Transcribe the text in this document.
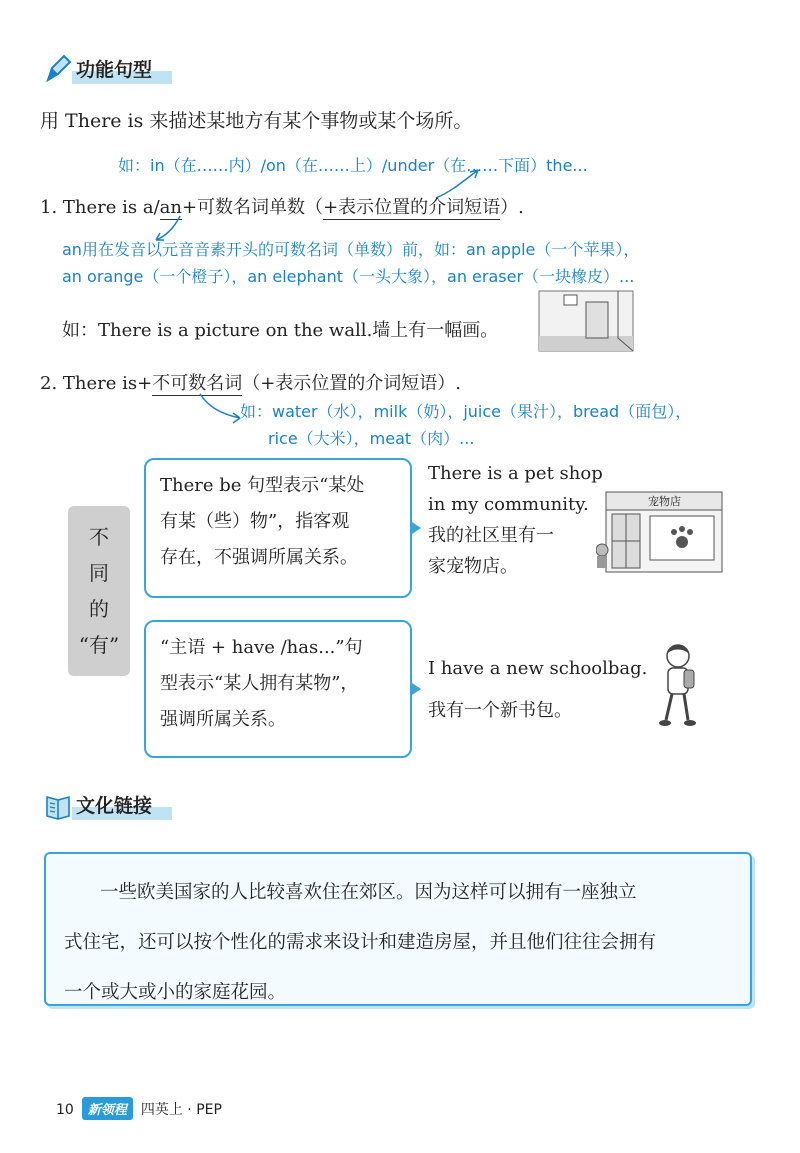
功能句型
用 There is 来描述某地方有某个事物或某个场所。
如：in（在……内）/on（在……上）/under（在……下面）the...
1. There is a/an+可数名词单数（+表示位置的介词短语）.
an用在发音以元音音素开头的可数名词（单数）前，如：an apple（一个苹果），
an orange（一个橙子），an elephant（一头大象），an eraser（一块橡皮）...
如：There is a picture on the wall.墙上有一幅画。
2. There is+不可数名词（+表示位置的介词短语）.
如：water（水），milk（奶），juice（果汁），bread（面包），
rice（大米），meat（肉）...
不
同
的
“有”
There be 句型表示“某处
有某（些）物”，指客观
存在，不强调所属关系。
There is a pet shop
in my community.
我的社区里有一
家宠物店。
宠物店
“主语 + have /has...”句
型表示“某人拥有某物”，
强调所属关系。
I have a new schoolbag.
我有一个新书包。
文化链接
一些欧美国家的人比较喜欢住在郊区。因为这样可以拥有一座独立
式住宅，还可以按个性化的需求来设计和建造房屋，并且他们往往会拥有
一个或大或小的家庭花园。
10 新领程 四英上 · PEP
